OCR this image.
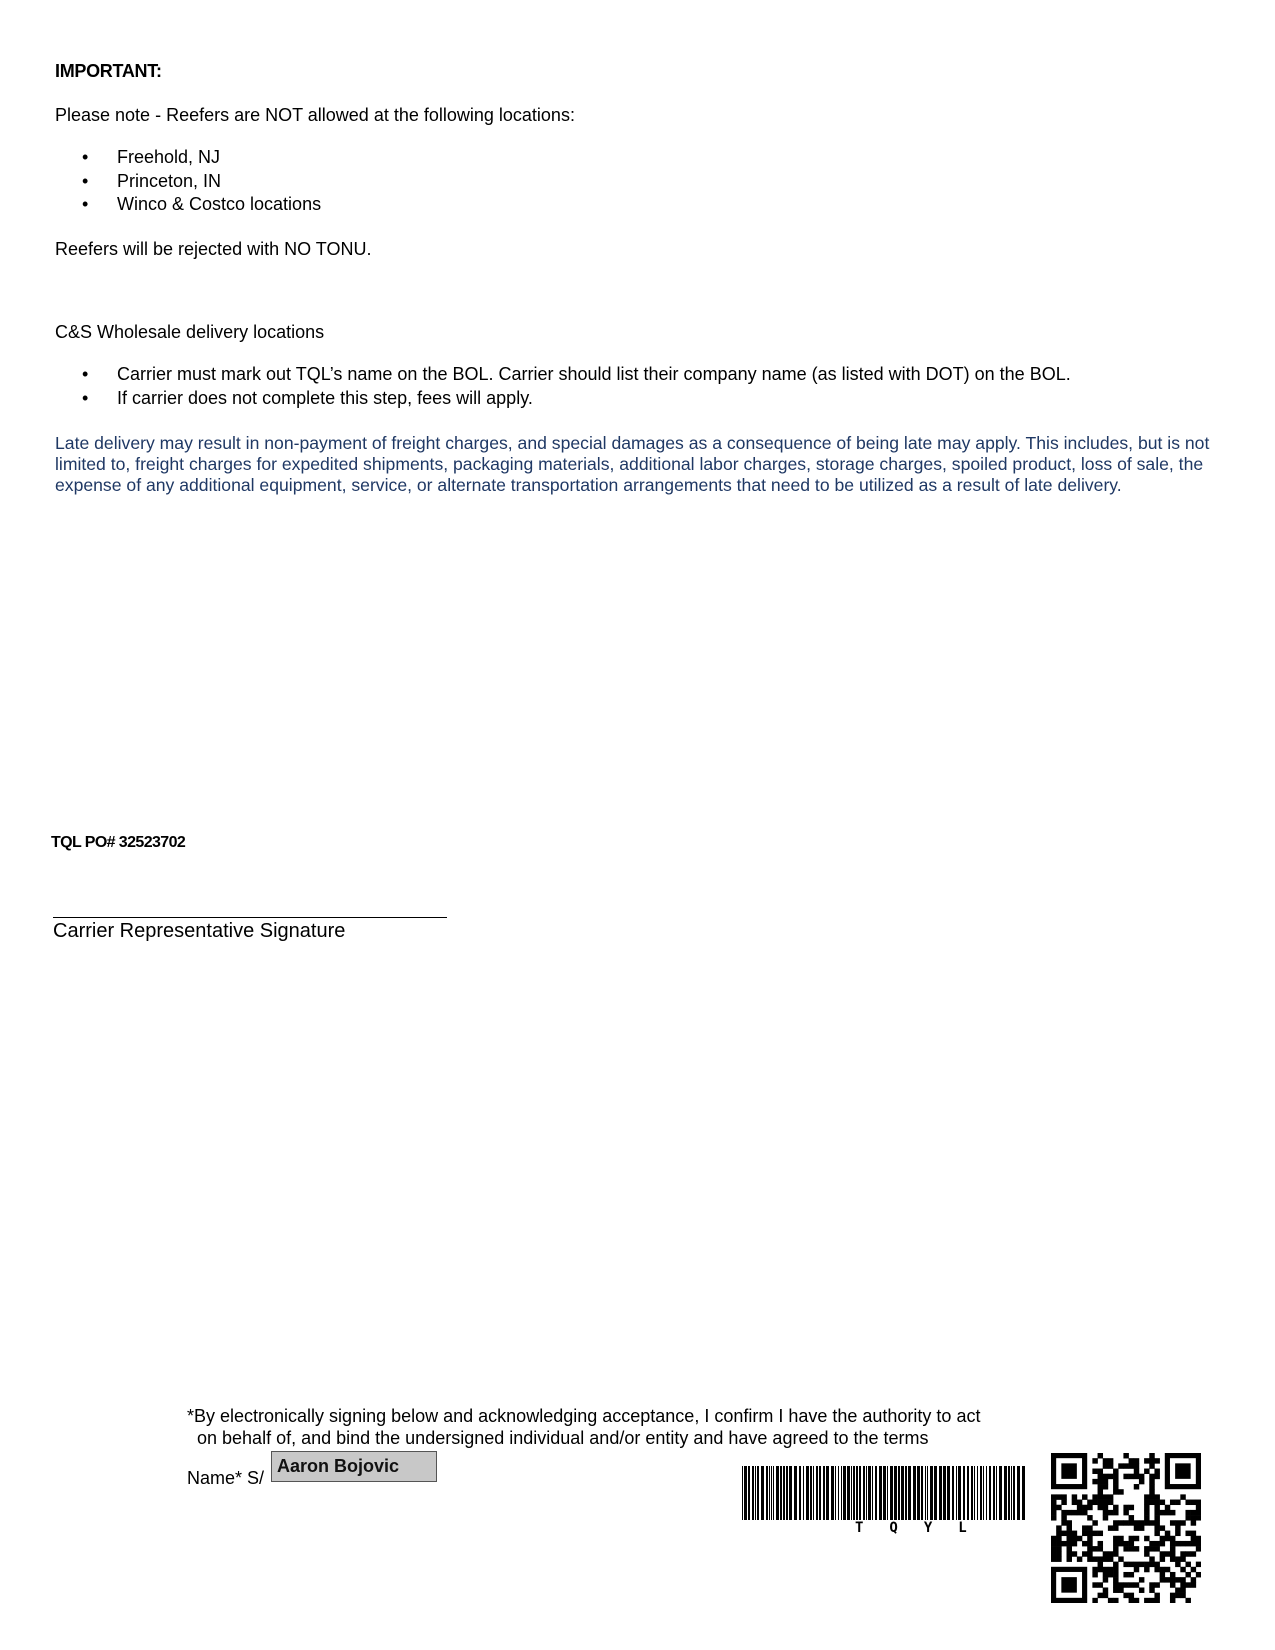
IMPORTANT:
Please note - Reefers are NOT allowed at the following locations:
• Freehold, NJ
• Princeton, IN
• Winco & Costco locations
Reefers will be rejected with NO TONU.
C&S Wholesale delivery locations
• Carrier must mark out TQL’s name on the BOL. Carrier should list their company name (as listed with DOT) on the BOL.
• If carrier does not complete this step, fees will apply.
Late delivery may result in non-payment of freight charges, and special damages as a consequence of being late may apply. This includes, but is not limited to, freight charges for expedited shipments, packaging materials, additional labor charges, storage charges, spoiled product, loss of sale, the expense of any additional equipment, service, or alternate transportation arrangements that need to be utilized as a result of late delivery.
TQL PO# 32523702
Carrier Representative Signature
*By electronically signing below and acknowledging acceptance, I confirm I have the authority to act
on behalf of, and bind the undersigned individual and/or entity and have agreed to the terms
Name* S/
Aaron Bojovic
TQYL
